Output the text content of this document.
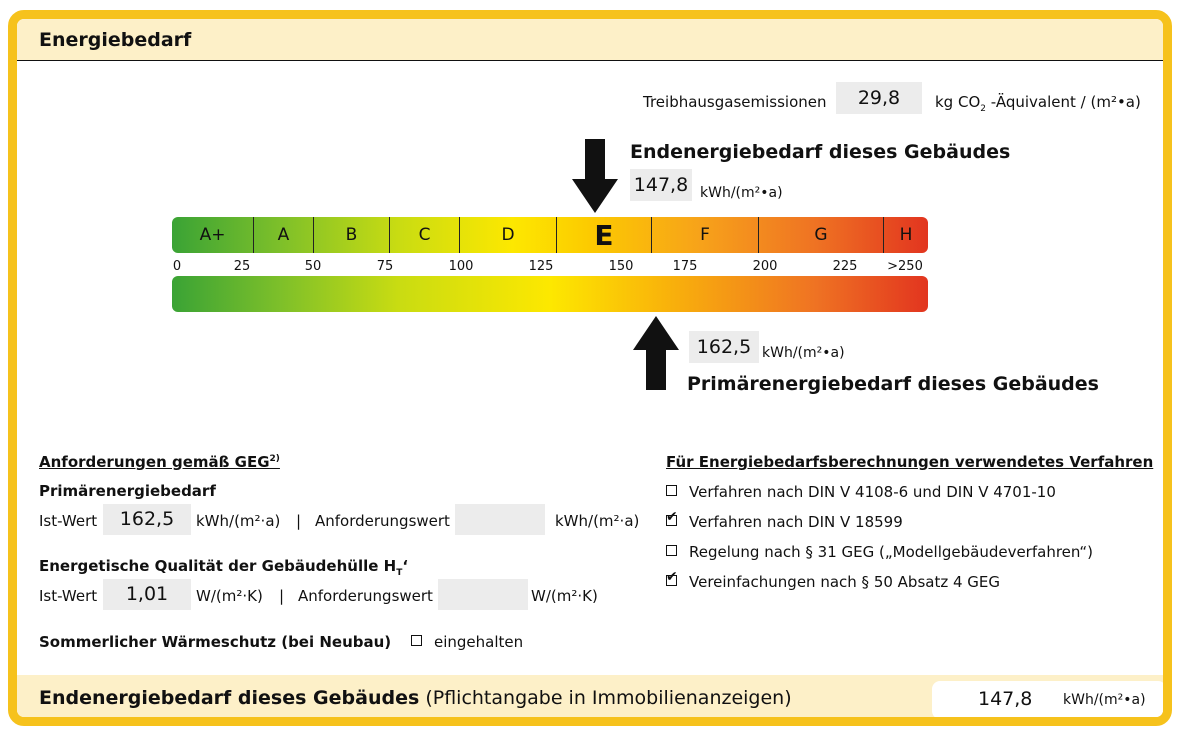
Energiebedarf
Treibhausgasemissionen	29,8	kg $CO_2$ -Äquivalent / (m²•a)
Endenergiebedarf dieses Gebäudes
147,8 kWh/(m²•a)
A+	A	B	C	D	E	F	G	H
0	25	50	75	100	125	150	175	200	225 >250
162,5 kWh/(m²•a)
Primärenergiebedarf dieses Gebäudes
Anforderungen gemäß GEG$^{2)}$
Primärenergiebedarf
Ist-Wert	162,5	kWh/(m²·a) | Anforderungswert	kWh/(m²·a)
Energetische Qualität der Gebäudehülle $H_T‘$
Ist-Wert	1,01	W/(m²·K) | Anforderungswert	W/(m²·K)
Sommerlicher Wärmeschutz (bei Neubau)	eingehalten
Für Energiebedarfsberechnungen verwendetes Verfahren
Verfahren nach DIN V 4108-6 und DIN V 4701-10
✔Verfahren nach DIN V 18599
Regelung nach § 31 GEG („Modellgebäudeverfahren“)
✔Vereinfachungen nach § 50 Absatz 4 GEG
Endenergiebedarf dieses Gebäudes (Pflichtangabe in Immobilienanzeigen)	147,8 kWh/(m²•a)
